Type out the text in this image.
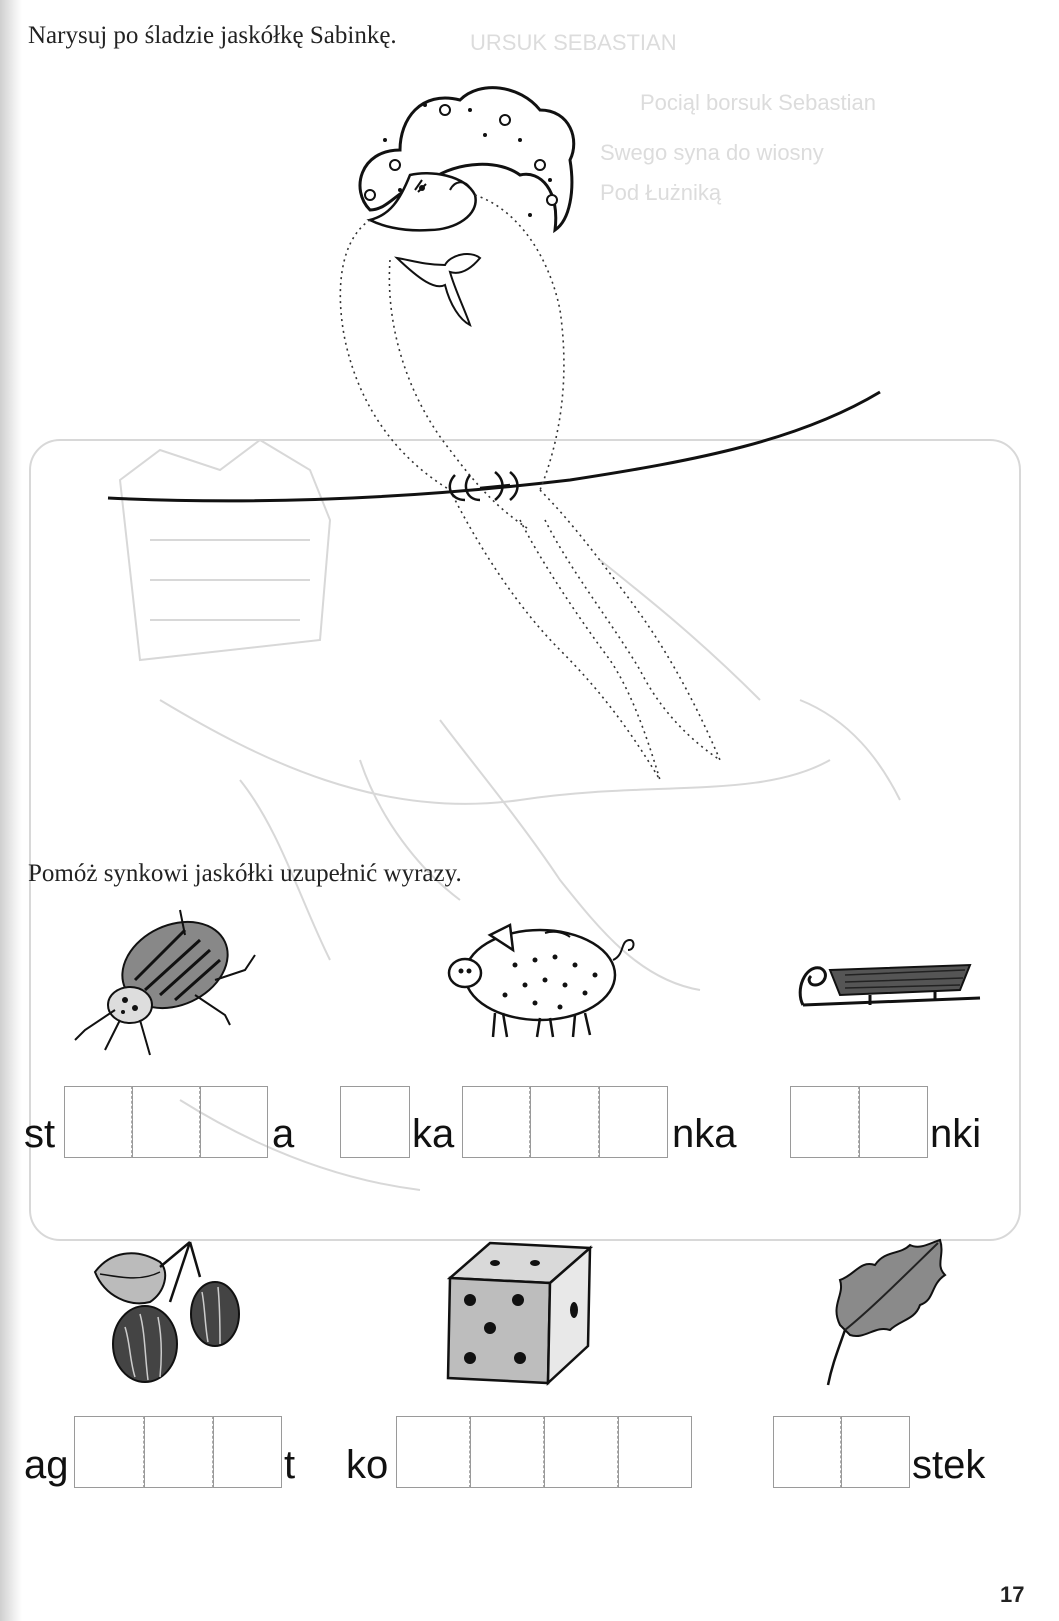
URSUK SEBASTIAN
Pociąl borsuk Sebastian
Swego syna do wiosny
Pod Łużniką
Narysuj po śladzie jaskółkę Sabinkę.
Pomóż synkowi jaskółki uzupełnić wyrazy.
st	a	ka	nka	nki
ag	t ko	stek
17
